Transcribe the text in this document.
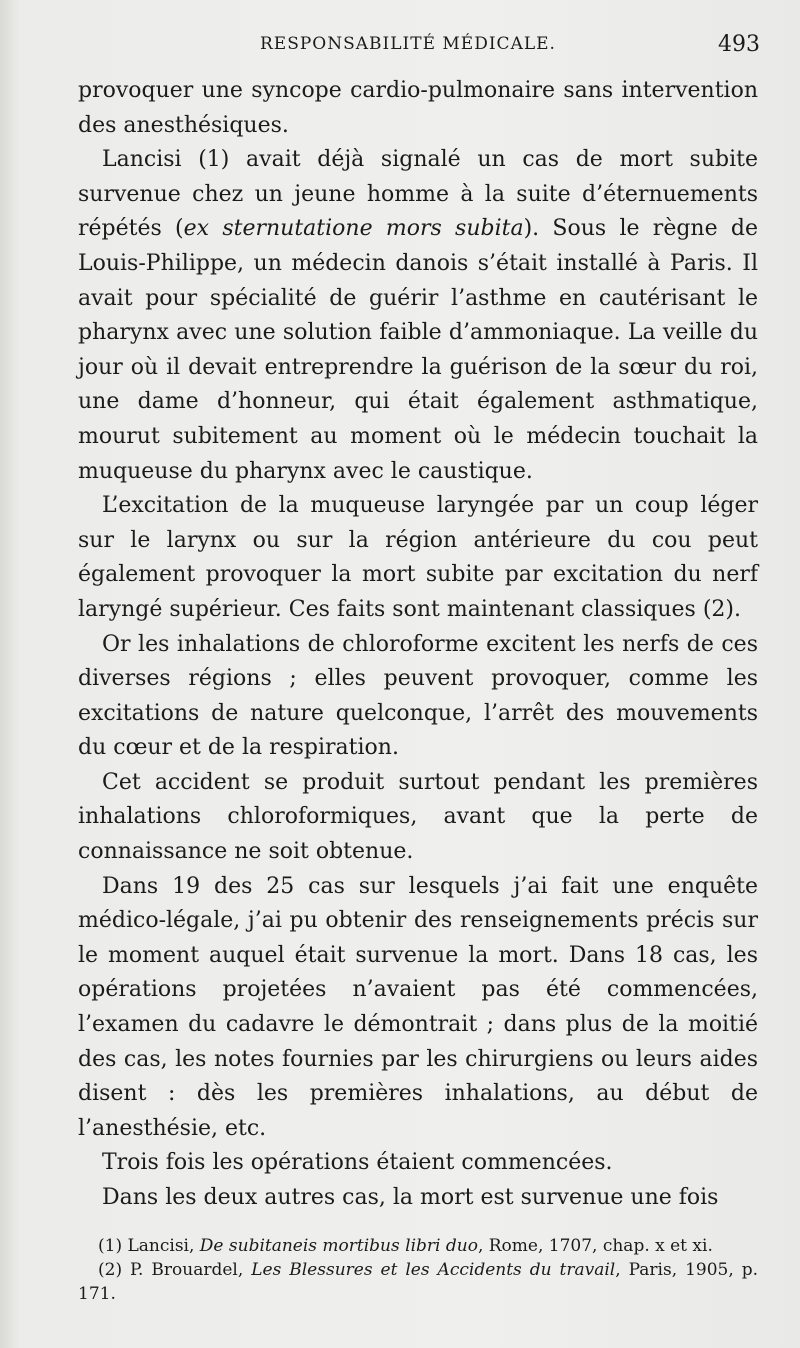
RESPONSABILITÉ MÉDICALE.	493

provoquer une syncope cardio-pulmonaire sans intervention des anesthésiques.

Lancisi (1) avait déjà signalé un cas de mort subite survenue chez un jeune homme à la suite d’éternuements répétés (ex sternutatione mors subita). Sous le règne de Louis-Philippe, un médecin danois s’était installé à Paris. Il avait pour spécialité de guérir l’asthme en cautérisant le pharynx avec une solution faible d’ammoniaque. La veille du jour où il devait entreprendre la guérison de la sœur du roi, une dame d’honneur, qui était également asthmatique, mourut subitement au moment où le médecin touchait la muqueuse du pharynx avec le caustique.

L’excitation de la muqueuse laryngée par un coup léger sur le larynx ou sur la région antérieure du cou peut également provoquer la mort subite par excitation du nerf laryngé supérieur. Ces faits sont maintenant classiques (2).

Or les inhalations de chloroforme excitent les nerfs de ces diverses régions ; elles peuvent provoquer, comme les excitations de nature quelconque, l’arrêt des mouvements du cœur et de la respiration.

Cet accident se produit surtout pendant les premières inhalations chloroformiques, avant que la perte de connaissance ne soit obtenue.

Dans 19 des 25 cas sur lesquels j’ai fait une enquête médico-légale, j’ai pu obtenir des renseignements précis sur le moment auquel était survenue la mort. Dans 18 cas, les opérations projetées n’avaient pas été commencées, l’examen du cadavre le démontrait ; dans plus de la moitié des cas, les notes fournies par les chirurgiens ou leurs aides disent : dès les premières inhalations, au début de l’anesthésie, etc.

Trois fois les opérations étaient commencées.

Dans les deux autres cas, la mort est survenue une fois

(1) Lancisi, De subitaneis mortibus libri duo, Rome, 1707, chap. x et xi.

(2) P. Brouardel, Les Blessures et les Accidents du travail, Paris, 1905, p. 171.
